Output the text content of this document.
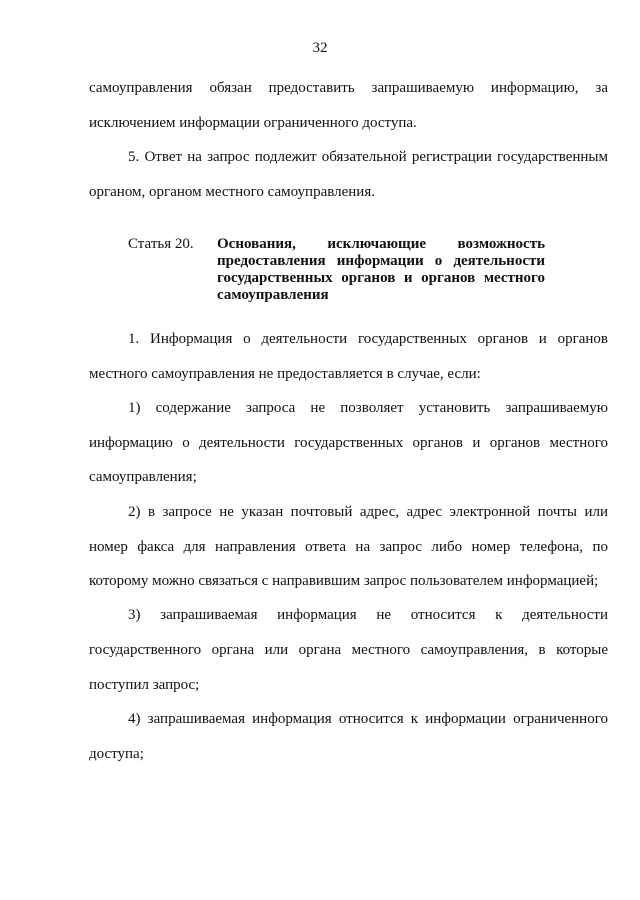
32
самоуправления обязан предоставить запрашиваемую информацию, за
исключением информации ограниченного доступа.
5. Ответ на запрос подлежит обязательной регистрации государственным
органом, органом местного самоуправления.
Статья 20. Основания, исключающие возможность
предоставления информации о деятельности
государственных органов и органов местного
самоуправления
1. Информация о деятельности государственных органов и органов
местного самоуправления не предоставляется в случае, если:
1) содержание запроса не позволяет установить запрашиваемую
информацию о деятельности государственных органов и органов местного
самоуправления;
2) в запросе не указан почтовый адрес, адрес электронной почты или
номер факса для направления ответа на запрос либо номер телефона, по
которому можно связаться с направившим запрос пользователем информацией;
3) запрашиваемая информация не относится к деятельности
государственного органа или органа местного самоуправления, в которые
поступил запрос;
4) запрашиваемая информация относится к информации ограниченного
доступа;
